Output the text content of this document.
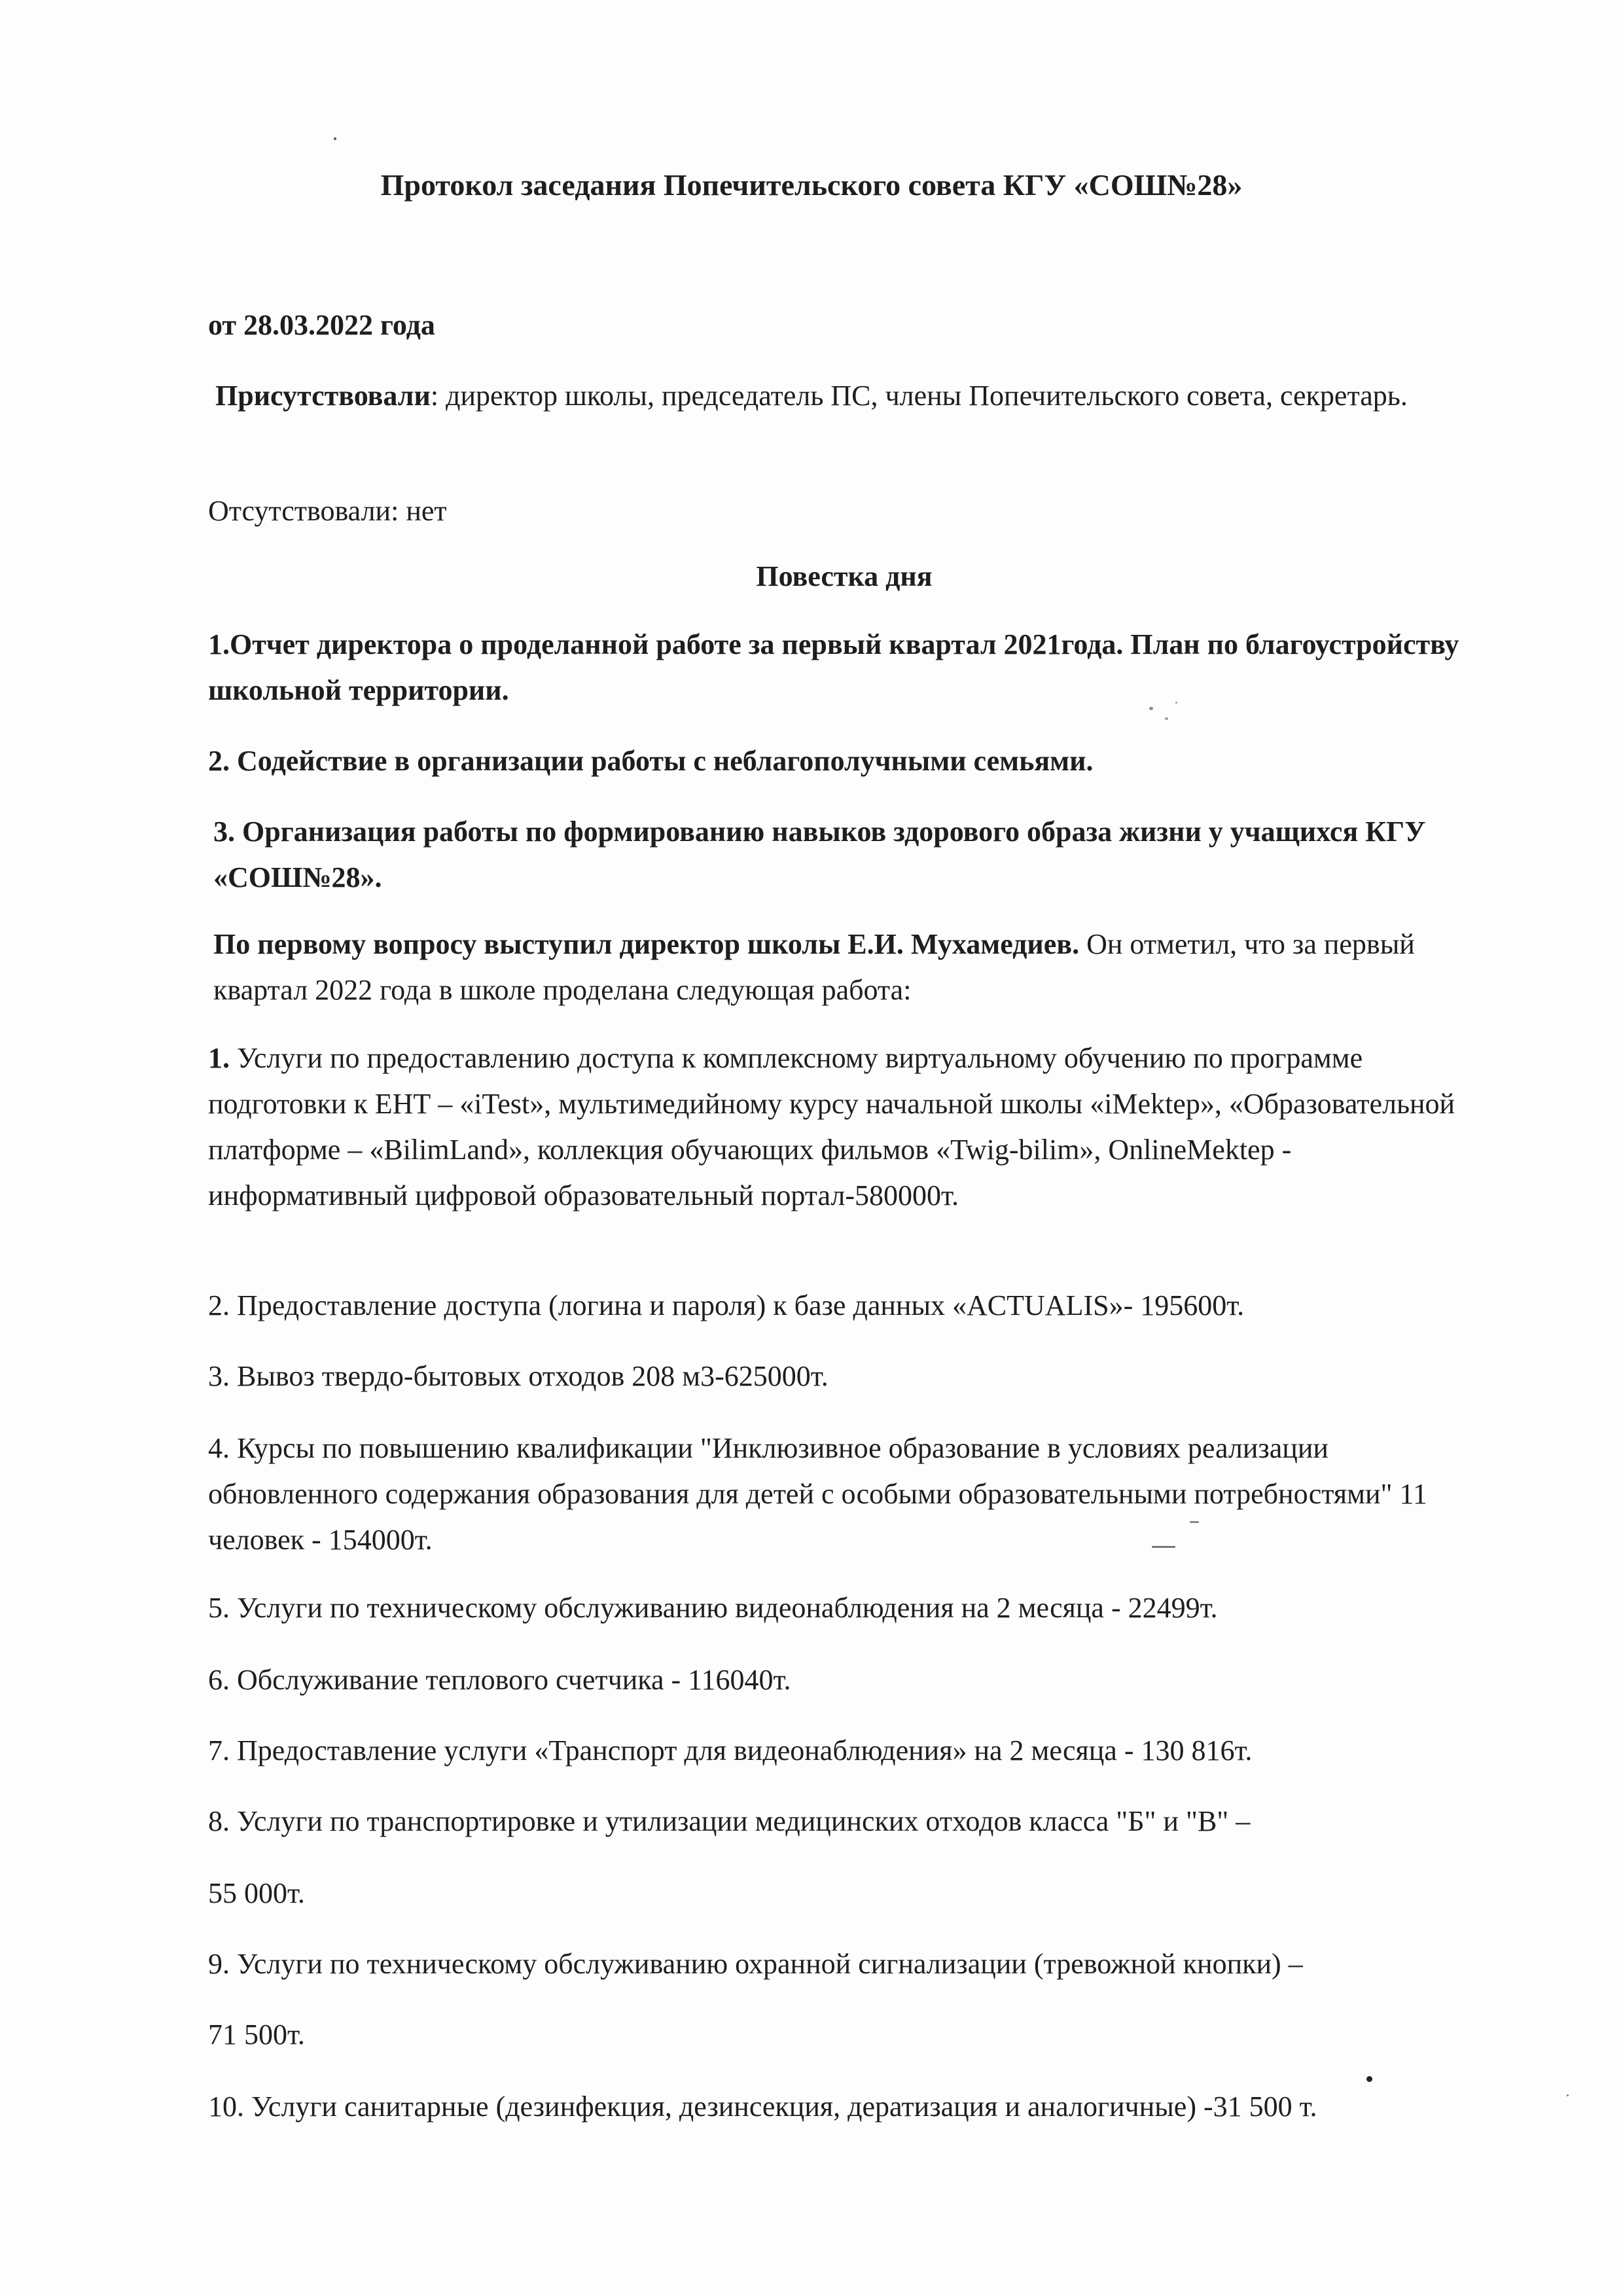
Протокол заседания Попечительского совета КГУ «СОШ№28»

от 28.03.2022 года

Присутствовали: директор школы, председатель ПС, члены Попечительского совета, секретарь.

Отсутствовали: нет

Повестка дня

1.Отчет директора о проделанной работе за первый квартал 2021года. План по благоустройству школьной территории.

2. Содействие в организации работы с неблагополучными семьями.

3. Организация работы по формированию навыков здорового образа жизни у учащихся КГУ «СОШ№28».

По первому вопросу выступил директор школы Е.И. Мухамедиев. Он отметил, что за первый квартал 2022 года в школе проделана следующая работа:

1. Услуги по предоставлению доступа к комплексному виртуальному обучению по программе подготовки к ЕНТ – «iTest», мультимедийному курсу начальной школы «iMektep», «Образовательной платформе – «BilimLand», коллекция обучающих фильмов «Twig-bilim», OnlineMektep - информативный цифровой образовательный портал-580000т.

2. Предоставление доступа (логина и пароля) к базе данных «ACTUALIS»- 195600т.

3. Вывоз твердо-бытовых отходов 208 м3-625000т.

4. Курсы по повышению квалификации "Инклюзивное образование в условиях реализации обновленного содержания образования для детей с особыми образовательными потребностями" 11 человек - 154000т.

5. Услуги по техническому обслуживанию видеонаблюдения на 2 месяца - 22499т.

6. Обслуживание теплового счетчика - 116040т.

7. Предоставление услуги «Транспорт для видеонаблюдения» на 2 месяца - 130 816т.

8. Услуги по транспортировке и утилизации медицинских отходов класса "Б" и "В" –

55 000т.

9. Услуги по техническому обслуживанию охранной сигнализации (тревожной кнопки) –

71 500т.

10. Услуги санитарные (дезинфекция, дезинсекция, дератизация и аналогичные) -31 500 т.
